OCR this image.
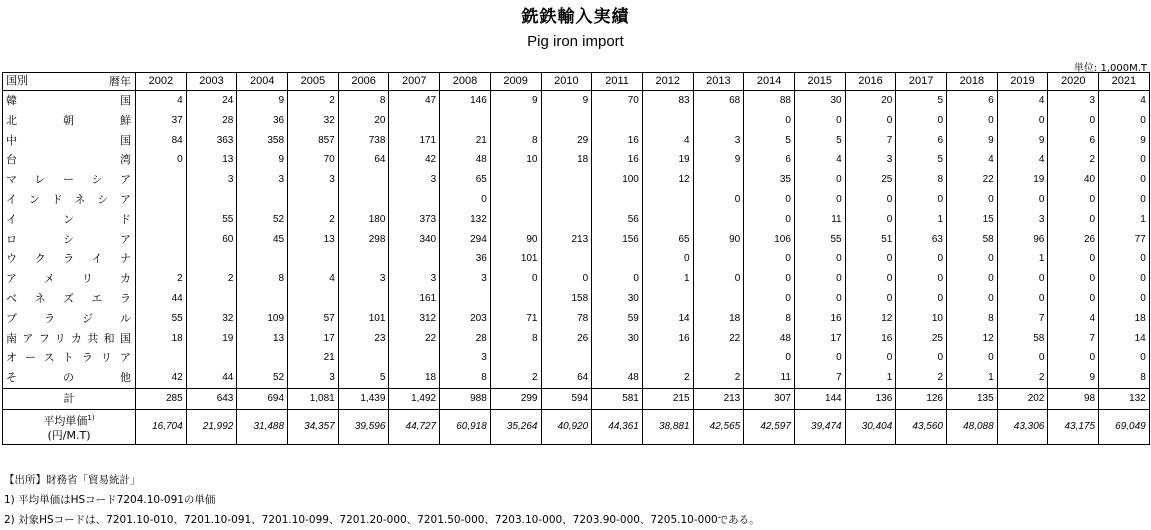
銑鉄輸入実績
Pig iron import
単位: 1,000M.T
暦年
国別	2002	2003	2004	2005	2006	2007	2008	2009	2010	2011	2012	2013	2014	2015	2016	2017	2018	2019	2020	2021
韓国	4	24	9	2	8	47	146	9	9	70	83	68	88	30	20	5	6	4	3	4
北朝鮮	37	28	36	32	20								0	0	0	0	0	0	0	0
中国	84	363	358	857	738	171	21	8	29	16	4	3	5	5	7	6	9	9	6	9
台湾	0	13	9	70	64	42	48	10	18	16	19	9	6	4	3	5	4	4	2	0
マレーシア		3	3	3		3	65			100	12		35	0	25	8	22	19	40	0
インドネシア							0					0	0	0	0	0	0	0	0	0
インド		55	52	2	180	373	132			56			0	11	0	1	15	3	0	1
ロシア		60	45	13	298	340	294	90	213	156	65	90	106	55	51	63	58	96	26	77
ウクライナ							36	101			0		0	0	0	0	0	1	0	0
アメリカ	2	2	8	4	3	3	3	0	0	0	1	0	0	0	0	0	0	0	0	0
ベネズエラ	44					161			158	30			0	0	0	0	0	0	0	0
ブラジル	55	32	109	57	101	312	203	71	78	59	14	18	8	16	12	10	8	7	4	18
南アフリカ共和国	18	19	13	17	23	22	28	8	26	30	16	22	48	17	16	25	12	58	7	14
オーストラリア				21			3						0	0	0	0	0	0	0	0
その他	42	44	52	3	5	18	8	2	64	48	2	2	11	7	1	2	1	2	9	8
計	285	643	694	1,081	1,439	1,492	988	299	594	581	215	213	307	144	136	126	135	202	98	132

平均単価$^{1)}$
(円/M.T)	16,704	21,992	31,488	34,357	39,596	44,727	60,918	35,264	40,920	44,361	38,881	42,565	42,597	39,474	30,404	43,560	48,088	43,306	43,175	69,049
【出所】財務省「貿易統計」
1) 平均単価はHSコード7204.10-091の単価
2) 対象HSコードは、7201.10-010、7201.10-091、7201.10-099、7201.20-000、7201.50-000、7203.10-000、7203.90-000、7205.10-000である。
